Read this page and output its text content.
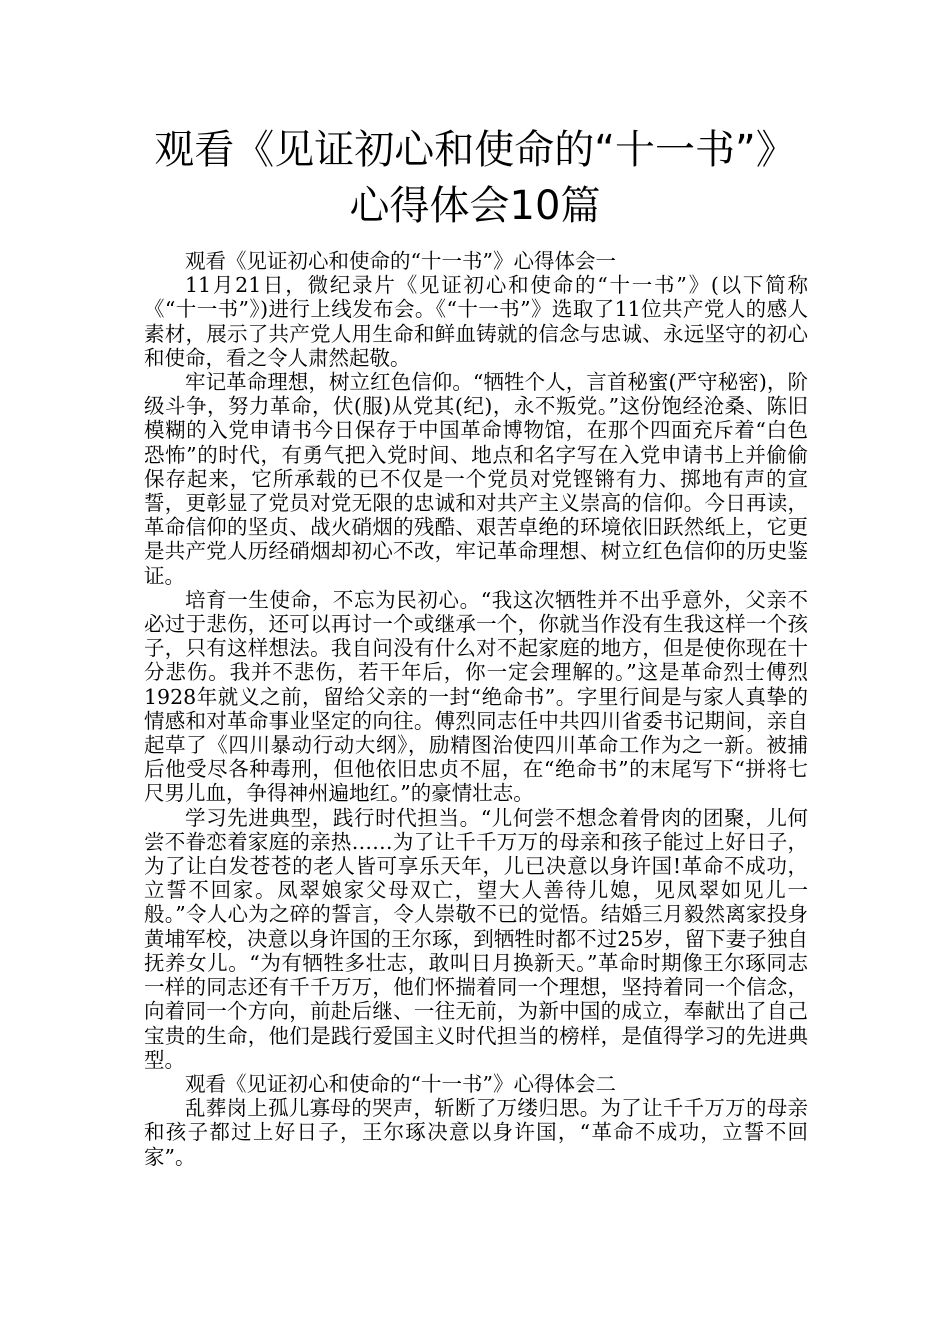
观看《见证初心和使命的“十一书”》
心得体会10篇

观看《见证初心和使命的“十一书”》心得体会一

11月21日，微纪录片《见证初心和使命的“十一书”》(以下简称《“十一书”》)进行上线发布会。《“十一书”》选取了11位共产党人的感人素材，展示了共产党人用生命和鲜血铸就的信念与忠诚、永远坚守的初心和使命，看之令人肃然起敬。

牢记革命理想，树立红色信仰。“牺牲个人，言首秘蜜(严守秘密)，阶级斗争，努力革命，伏(服)从党其(纪)，永不叛党。”这份饱经沧桑、陈旧模糊的入党申请书今日保存于中国革命博物馆，在那个四面充斥着“白色恐怖”的时代，有勇气把入党时间、地点和名字写在入党申请书上并偷偷保存起来，它所承载的已不仅是一个党员对党铿锵有力、掷地有声的宣誓，更彰显了党员对党无限的忠诚和对共产主义崇高的信仰。今日再读，革命信仰的坚贞、战火硝烟的残酷、艰苦卓绝的环境依旧跃然纸上，它更是共产党人历经硝烟却初心不改，牢记革命理想、树立红色信仰的历史鉴证。

培育一生使命，不忘为民初心。“我这次牺牲并不出乎意外，父亲不必过于悲伤，还可以再讨一个或继承一个，你就当作没有生我这样一个孩子，只有这样想法。我自问没有什么对不起家庭的地方，但是使你现在十分悲伤。我并不悲伤，若干年后，你一定会理解的。”这是革命烈士傅烈1928年就义之前，留给父亲的一封“绝命书”。字里行间是与家人真挚的情感和对革命事业坚定的向往。傅烈同志任中共四川省委书记期间，亲自起草了《四川暴动行动大纲》，励精图治使四川革命工作为之一新。被捕后他受尽各种毒刑，但他依旧忠贞不屈，在“绝命书”的末尾写下“拼将七尺男儿血，争得神州遍地红。”的豪情壮志。

学习先进典型，践行时代担当。“儿何尝不想念着骨肉的团聚，儿何尝不眷恋着家庭的亲热……为了让千千万万的母亲和孩子能过上好日子，为了让白发苍苍的老人皆可享乐天年，儿已决意以身许国!革命不成功，立誓不回家。凤翠娘家父母双亡，望大人善待儿媳，见凤翠如见儿一般。”令人心为之碎的誓言，令人崇敬不已的觉悟。结婚三月毅然离家投身黄埔军校，决意以身许国的王尔琢，到牺牲时都不过25岁，留下妻子独自抚养女儿。“为有牺牲多壮志，敢叫日月换新天。”革命时期像王尔琢同志一样的同志还有千千万万，他们怀揣着同一个理想，坚持着同一个信念，向着同一个方向，前赴后继、一往无前，为新中国的成立，奉献出了自己宝贵的生命，他们是践行爱国主义时代担当的榜样，是值得学习的先进典型。

观看《见证初心和使命的“十一书”》心得体会二

乱葬岗上孤儿寡母的哭声，斩断了万缕归思。为了让千千万万的母亲和孩子都过上好日子，王尔琢决意以身许国，“革命不成功，立誓不回家”。
